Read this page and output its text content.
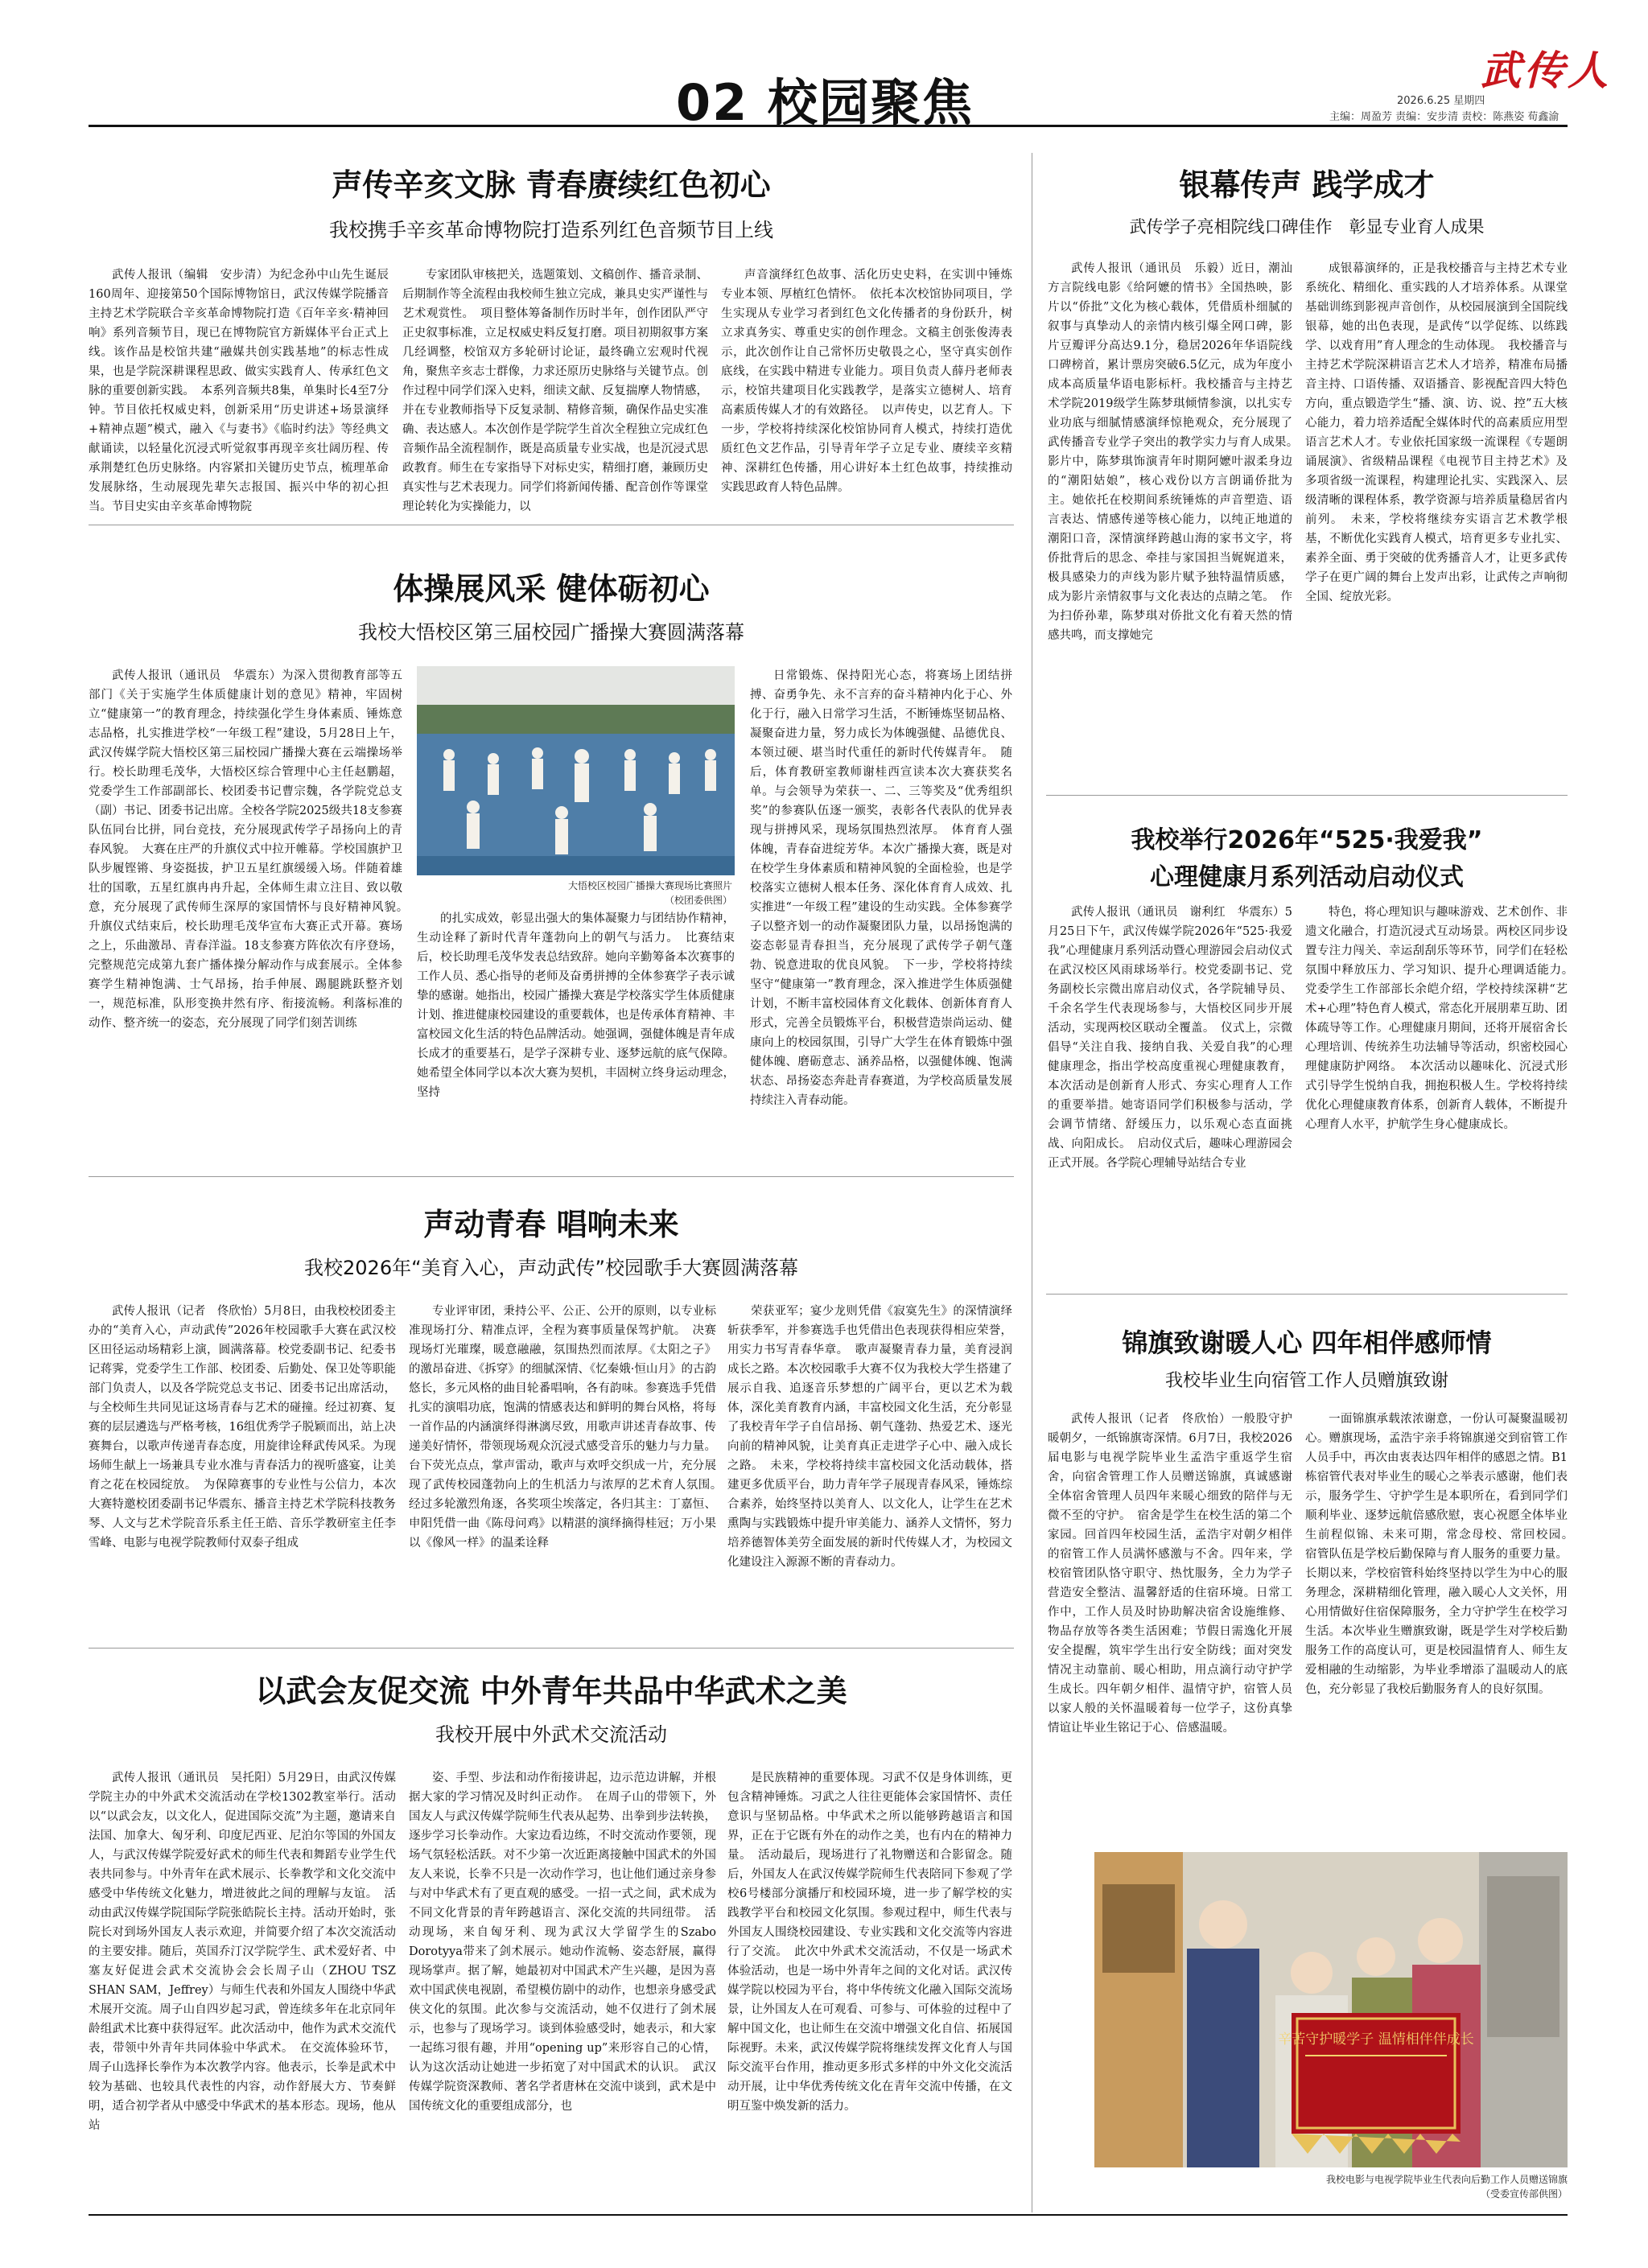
02 校园聚焦
武传人
2026.6.25 星期四
主编：周盈芳 责编：安步清 责校：陈燕姿 荀鑫渝
声传辛亥文脉 青春赓续红色初心
我校携手辛亥革命博物院打造系列红色音频节目上线

武传人报讯（编辑　安步清）为纪念孙中山先生诞辰160周年、迎接第50个国际博物馆日，武汉传媒学院播音主持艺术学院联合辛亥革命博物院打造《百年辛亥·精神回响》系列音频节目，现已在博物院官方新媒体平台正式上线。该作品是校馆共建“融媒共创实践基地”的标志性成果，也是学院深耕课程思政、做实实践育人、传承红色文脉的重要创新实践。　本系列音频共8集，单集时长4至7分钟。节目依托权威史料，创新采用“历史讲述+场景演绎+精神点题”模式，融入《与妻书》《临时约法》等经典文献诵读，以轻量化沉浸式听觉叙事再现辛亥壮阔历程、传承荆楚红色历史脉络。内容紧扣关键历史节点，梳理革命发展脉络，生动展现先辈矢志报国、振兴中华的初心担当。节目史实由辛亥革命博物院

专家团队审核把关，选题策划、文稿创作、播音录制、后期制作等全流程由我校师生独立完成，兼具史实严谨性与艺术观赏性。　项目整体筹备制作历时半年，创作团队严守正史叙事标准，立足权威史料反复打磨。项目初期叙事方案几经调整，校馆双方多轮研讨论证，最终确立宏观时代视角，聚焦辛亥志士群像，力求还原历史脉络与关键节点。创作过程中同学们深入史料，细读文献、反复揣摩人物情感，并在专业教师指导下反复录制、精修音频，确保作品史实准确、表达感人。本次创作是学院学生首次全程独立完成红色音频作品全流程制作，既是高质量专业实战，也是沉浸式思政教育。师生在专家指导下对标史实，精细打磨，兼顾历史真实性与艺术表现力。同学们将新闻传播、配音创作等课堂理论转化为实操能力，以

声音演绎红色故事、活化历史史料，在实训中锤炼专业本领、厚植红色情怀。　依托本次校馆协同项目，学生实现从专业学习者到红色文化传播者的身份跃升，树立求真务实、尊重史实的创作理念。文稿主创张俊涛表示，此次创作让自己常怀历史敬畏之心，坚守真实创作底线，在实践中精进专业能力。项目负责人薛丹老师表示，校馆共建项目化实践教学，是落实立德树人、培育高素质传媒人才的有效路径。　以声传史，以艺育人。下一步，学校将持续深化校馆协同育人模式，持续打造优质红色文艺作品，引导青年学子立足专业、赓续辛亥精神、深耕红色传播，用心讲好本土红色故事，持续推动实践思政育人特色品牌。

体操展风采 健体砺初心
我校大悟校区第三届校园广播操大赛圆满落幕

武传人报讯（通讯员　华震东）为深入贯彻教育部等五部门《关于实施学生体质健康计划的意见》精神，牢固树立“健康第一”的教育理念，持续强化学生身体素质、锤炼意志品格，扎实推进学校“一年级工程”建设，5月28日上午，武汉传媒学院大悟校区第三届校园广播操大赛在云端操场举行。校长助理毛茂华，大悟校区综合管理中心主任赵鹏超，党委学生工作部副部长、校团委书记曹宗魏，各学院党总支（副）书记、团委书记出席。全校各学院2025级共18支参赛队伍同台比拼，同台竞技，充分展现武传学子昂扬向上的青春风貌。　大赛在庄严的升旗仪式中拉开帷幕。学校国旗护卫队步履铿锵、身姿挺拔，护卫五星红旗缓缓入场。伴随着雄壮的国歌，五星红旗冉冉升起，全体师生肃立注目、致以敬意，充分展现了武传师生深厚的家国情怀与良好精神风貌。　升旗仪式结束后，校长助理毛茂华宣布大赛正式开幕。赛场之上，乐曲激昂、青春洋溢。18支参赛方阵依次有序登场，完整规范完成第九套广播体操分解动作与成套展示。全体参赛学生精神饱满、士气昂扬，抬手伸展、踢腿跳跃整齐划一，规范标准，队形变换井然有序、衔接流畅。利落标准的动作、整齐统一的姿态，充分展现了同学们刻苦训练

大悟校区校园广播操大赛现场比赛照片
（校团委供图）

的扎实成效，彰显出强大的集体凝聚力与团结协作精神，生动诠释了新时代青年蓬勃向上的朝气与活力。　比赛结束后，校长助理毛茂华发表总结致辞。她向辛勤筹备本次赛事的工作人员、悉心指导的老师及奋勇拼搏的全体参赛学子表示诚挚的感谢。她指出，校园广播操大赛是学校落实学生体质健康计划、推进健康校园建设的重要载体，也是传承体育精神、丰富校园文化生活的特色品牌活动。她强调，强健体魄是青年成长成才的重要基石，是学子深耕专业、逐梦远航的底气保障。她希望全体同学以本次大赛为契机，丰固树立终身运动理念，坚持

日常锻炼、保持阳光心态，将赛场上团结拼搏、奋勇争先、永不言弃的奋斗精神内化于心、外化于行，融入日常学习生活，不断锤炼坚韧品格、凝聚奋进力量，努力成长为体魄强健、品德优良、本领过硬、堪当时代重任的新时代传媒青年。　随后，体育教研室教师谢桂西宣读本次大赛获奖名单。与会领导为荣获一、二、三等奖及“优秀组织奖”的参赛队伍逐一颁奖，表彰各代表队的优异表现与拼搏风采，现场氛围热烈浓厚。　体育育人强体魄，青春奋进绽芳华。本次广播操大赛，既是对在校学生身体素质和精神风貌的全面检验，也是学校落实立德树人根本任务、深化体育育人成效、扎实推进“一年级工程”建设的生动实践。全体参赛学子以整齐划一的动作凝聚团队力量，以昂扬饱满的姿态彰显青春担当，充分展现了武传学子朝气蓬勃、锐意进取的优良风貌。　下一步，学校将持续坚守“健康第一”教育理念，深入推进学生体质强健计划，不断丰富校园体育文化载体、创新体育育人形式，完善全员锻炼平台，积极营造崇尚运动、健康向上的校园氛围，引导广大学生在体育锻炼中强健体魄、磨砺意志、涵养品格，以强健体魄、饱满状态、昂扬姿态奔赴青春赛道，为学校高质量发展持续注入青春动能。

声动青春 唱响未来
我校2026年“美育入心，声动武传”校园歌手大赛圆满落幕

武传人报讯（记者　佟欣怡）5月8日，由我校校团委主办的“美育入心，声动武传”2026年校园歌手大赛在武汉校区田径运动场精彩上演，圆满落幕。校党委副书记、纪委书记蒋霁，党委学生工作部、校团委、后勤处、保卫处等职能部门负责人，以及各学院党总支书记、团委书记出席活动，与全校师生共同见证这场青春与艺术的碰撞。经过初赛、复赛的层层遴选与严格考核，16组优秀学子脱颖而出，站上决赛舞台，以歌声传递青春态度，用旋律诠释武传风采。为现场师生献上一场兼具专业水准与青春活力的视听盛宴，让美育之花在校园绽放。　为保障赛事的专业性与公信力，本次大赛特邀校团委副书记华震东、播音主持艺术学院科技教务琴、人文与艺术学院音乐系主任王皓、音乐学教研室主任李雪峰、电影与电视学院教师付双泰子组成

专业评审团，秉持公平、公正、公开的原则，以专业标准现场打分、精准点评，全程为赛事质量保驾护航。　决赛现场灯光璀璨，暖意融融，氛围热烈而浓厚。《太阳之子》的激昂奋进、《拆穿》的细腻深情、《忆秦娥·恒山月》的古韵悠长，多元风格的曲目轮番唱响，各有韵味。参赛选手凭借扎实的演唱功底，饱满的情感表达和鲜明的舞台风格，将每一首作品的内涵演绎得淋漓尽致，用歌声讲述青春故事、传递美好情怀，带领现场观众沉浸式感受音乐的魅力与力量。台下荧光点点，掌声雷动，歌声与欢呼交织成一片，充分展现了武传校园蓬勃向上的生机活力与浓厚的艺术育人氛围。　经过多轮激烈角逐，各奖项尘埃落定，各归其主：丁嘉恒、申阳凭借一曲《陈母问鸡》以精湛的演绎摘得桂冠；万小果以《像风一样》的温柔诠释

荣获亚军；宴少龙则凭借《寂寞先生》的深情演绎斩获季军，并参赛选手也凭借出色表现获得相应荣誉，用实力书写青春华章。　歌声凝聚青春力量，美育浸润成长之路。本次校园歌手大赛不仅为我校大学生搭建了展示自我、追逐音乐梦想的广阔平台，更以艺术为载体，深化美育教育内涵，丰富校园文化生活，充分彰显了我校青年学子自信昂扬、朝气蓬勃、热爱艺术、逐光向前的精神风貌，让美育真正走进学子心中、融入成长之路。　未来，学校将持续丰富校园文化活动载体，搭建更多优质平台，助力青年学子展现青春风采，锤炼综合素养，始终坚持以美育人、以文化人，让学生在艺术熏陶与实践锻炼中提升审美能力、涵养人文情怀，努力培养德智体美劳全面发展的新时代传媒人才，为校园文化建设注入源源不断的青春动力。

以武会友促交流 中外青年共品中华武术之美
我校开展中外武术交流活动

武传人报讯（通讯员　吴托阳）5月29日，由武汉传媒学院主办的中外武术交流活动在学校1302教室举行。活动以“以武会友，以文化人，促进国际交流”为主题，邀请来自法国、加拿大、匈牙利、印度尼西亚、尼泊尔等国的外国友人，与武汉传媒学院爱好武术的师生代表和舞蹈专业学生代表共同参与。中外青年在武术展示、长拳教学和文化交流中感受中华传统文化魅力，增进彼此之间的理解与友谊。　活动由武汉传媒学院国际学院张皓院长主持。活动开始时，张院长对到场外国友人表示欢迎，并简要介绍了本次交流活动的主要安排。随后，英国乔汀汉学院学生、武术爱好者、中塞友好促进会武术交流协会会长周子山（ZHOU TSZ SHAN SAM，Jeffrey）与师生代表和外国友人围绕中华武术展开交流。周子山自四岁起习武，曾连续多年在北京同年龄组武术比赛中获得冠军。此次活动中，他作为武术交流代表，带领中外青年共同体验中华武术。　在交流体验环节，周子山选择长拳作为本次教学内容。他表示，长拳是武术中较为基础、也较具代表性的内容，动作舒展大方、节奏鲜明，适合初学者从中感受中华武术的基本形态。现场，他从站

姿、手型、步法和动作衔接讲起，边示范边讲解，并根据大家的学习情况及时纠正动作。　在周子山的带领下，外国友人与武汉传媒学院师生代表从起势、出拳到步法转换，逐步学习长拳动作。大家边看边练，不时交流动作要领，现场气氛轻松活跃。对不少第一次近距离接触中国武术的外国友人来说，长拳不只是一次动作学习，也让他们通过亲身参与对中华武术有了更直观的感受。一招一式之间，武术成为不同文化背景的青年跨越语言、深化交流的共同纽带。　活动现场，来自匈牙利、现为武汉大学留学生的Szabo Dorotyya带来了剑术展示。她动作流畅、姿态舒展，赢得现场掌声。据了解，她最初对中国武术产生兴趣，是因为喜欢中国武侠电视剧，希望模仿剧中的动作，也想亲身感受武侠文化的氛围。此次参与交流活动，她不仅进行了剑术展示，也参与了现场学习。谈到体验感受时，她表示，和大家一起练习很有趣，并用“opening up”来形容自己的心情，认为这次活动让她进一步拓宽了对中国武术的认识。　武汉传媒学院资深教师、著名学者唐林在交流中谈到，武术是中国传统文化的重要组成部分，也

是民族精神的重要体现。习武不仅是身体训练，更包含精神锤炼。习武之人往往更能体会家国情怀、责任意识与坚韧品格。中华武术之所以能够跨越语言和国界，正在于它既有外在的动作之美，也有内在的精神力量。　活动最后，现场进行了礼物赠送和合影留念。随后，外国友人在武汉传媒学院师生代表陪同下参观了学校6号楼部分演播厅和校园环境，进一步了解学校的实践教学平台和校园文化氛围。参观过程中，师生代表与外国友人围绕校园建设、专业实践和文化交流等内容进行了交流。　此次中外武术交流活动，不仅是一场武术体验活动，也是一场中外青年之间的文化对话。武汉传媒学院以校园为平台，将中华传统文化融入国际交流场景，让外国友人在可观看、可参与、可体验的过程中了解中国文化，也让师生在交流中增强文化自信、拓展国际视野。未来，武汉传媒学院将继续发挥文化育人与国际交流平台作用，推动更多形式多样的中外文化交流活动开展，让中华优秀传统文化在青年交流中传播，在文明互鉴中焕发新的活力。

银幕传声 践学成才
武传学子亮相院线口碑佳作　彰显专业育人成果

武传人报讯（通讯员　乐毅）近日，潮汕方言院线电影《给阿嬷的情书》全国热映，影片以“侨批”文化为核心载体，凭借质朴细腻的叙事与真挚动人的亲情内核引爆全网口碑，影片豆瓣评分高达9.1分，稳居2026年华语院线口碑榜首，累计票房突破6.5亿元，成为年度小成本高质量华语电影标杆。我校播音与主持艺术学院2019级学生陈梦琪倾情参演，以扎实专业功底与细腻情感演绎惊艳观众，充分展现了武传播音专业学子突出的教学实力与育人成果。　影片中，陈梦琪饰演青年时期阿嬷叶淑柔身边的“潮阳姑娘”，核心戏份以方言朗诵侨批为主。她依托在校期间系统锤炼的声音塑造、语言表达、情感传递等核心能力，以纯正地道的潮阳口音，深情演绎跨越山海的家书文字，将侨批背后的思念、牵挂与家国担当娓娓道来，极具感染力的声线为影片赋予独特温情质感，成为影片亲情叙事与文化表达的点睛之笔。　作为扫侨孙辈，陈梦琪对侨批文化有着天然的情感共鸣，而支撑她完

成银幕演绎的，正是我校播音与主持艺术专业系统化、精细化、重实践的人才培养体系。从课堂基础训练到影视声音创作，从校园展演到全国院线银幕，她的出色表现，是武传“以学促练、以练践学、以戏育用”育人理念的生动体现。　我校播音与主持艺术学院深耕语言艺术人才培养，精准布局播音主持、口语传播、双语播音、影视配音四大特色方向，重点锻造学生“播、演、访、说、控”五大核心能力，着力培养适配全媒体时代的高素质应用型语言艺术人才。专业依托国家级一流课程《专题朗诵展演》、省级精品课程《电视节目主持艺术》及多项省级一流课程，构建理论扎实、实践深入、层级清晰的课程体系，教学资源与培养质量稳居省内前列。　未来，学校将继续夯实语言艺术教学根基，不断优化实践育人模式，培育更多专业扎实、素养全面、勇于突破的优秀播音人才，让更多武传学子在更广阔的舞台上发声出彩，让武传之声响彻全国、绽放光彩。

我校举行2026年“525·我爱我”
心理健康月系列活动启动仪式

武传人报讯（通讯员　谢利红　华震东）5月25日下午，武汉传媒学院2026年“525·我爱我”心理健康月系列活动暨心理游园会启动仪式在武汉校区风雨球场举行。校党委副书记、党务副校长宗微出席启动仪式，各学院辅导员、千余名学生代表现场参与，大悟校区同步开展活动，实现两校区联动全覆盖。　仪式上，宗微倡导“关注自我、接纳自我、关爱自我”的心理健康理念，指出学校高度重视心理健康教育，本次活动是创新育人形式、夯实心理育人工作的重要举措。她寄语同学们积极参与活动，学会调节情绪、舒缓压力，以乐观心态直面挑战、向阳成长。　启动仪式后，趣味心理游园会正式开展。各学院心理辅导站结合专业

特色，将心理知识与趣味游戏、艺术创作、非遗文化融合，打造沉浸式互动场景。两校区同步设置专注力闯关、幸运刮刮乐等环节，同学们在轻松氛围中释放压力、学习知识、提升心理调适能力。　党委学生工作部部长余皑介绍，学校持续深耕“艺术+心理”特色育人模式，常态化开展朋辈互助、团体疏导等工作。心理健康月期间，还将开展宿舍长心理培训、传统养生功法辅导等活动，织密校园心理健康防护网络。　本次活动以趣味化、沉浸式形式引导学生悦纳自我，拥抱积极人生。学校将持续优化心理健康教育体系，创新育人载体，不断提升心理育人水平，护航学生身心健康成长。

锦旗致谢暖人心 四年相伴感师情
我校毕业生向宿管工作人员赠旗致谢

武传人报讯（记者　佟欣怡）一般股守护暖朝夕，一纸锦旗寄深情。6月7日，我校2026届电影与电视学院毕业生孟浩宇重返学生宿舍，向宿舍管理工作人员赠送锦旗，真诚感谢全体宿舍管理人员四年来暖心细致的陪伴与无微不至的守护。　宿舍是学生在校生活的第二个家园。回首四年校园生活，孟浩宇对朝夕相伴的宿管工作人员满怀感激与不舍。四年来，学校宿管团队恪守职守、热忱服务，全力为学子营造安全整洁、温馨舒适的住宿环境。日常工作中，工作人员及时协助解决宿舍设施维修、物品存放等各类生活困难；节假日需逸化开展安全提醒，筑牢学生出行安全防线；面对突发情况主动靠前、暖心相助，用点滴行动守护学生成长。四年朝夕相伴、温情守护，宿管人员以家人般的关怀温暖着每一位学子，这份真挚情谊让毕业生铭记于心、倍感温暖。

一面锦旗承载浓浓谢意，一份认可凝聚温暖初心。赠旗现场，孟浩宇亲手将锦旗递交到宿管工作人员手中，再次由衷表达四年相伴的感恩之情。B1栋宿管代表对毕业生的暖心之举表示感谢，他们表示，服务学生、守护学生是本职所在，看到同学们顺利毕业、逐梦远航倍感欣慰，衷心祝愿全体毕业生前程似锦、未来可期，常念母校、常回校园。　宿管队伍是学校后勤保障与育人服务的重要力量。长期以来，学校宿管科始终坚持以学生为中心的服务理念，深耕精细化管理，融入暖心人文关怀，用心用情做好住宿保障服务，全力守护学生在校学习生活。本次毕业生赠旗致谢，既是学生对学校后勤服务工作的高度认可，更是校园温情育人、师生友爱相融的生动缩影，为毕业季增添了温暖动人的底色，充分彰显了我校后勤服务育人的良好氛围。

辛苦守护暖学子 温情相伴伴成长
我校电影与电视学院毕业生代表向后勤工作人员赠送锦旗
（受委宣传部供图）
